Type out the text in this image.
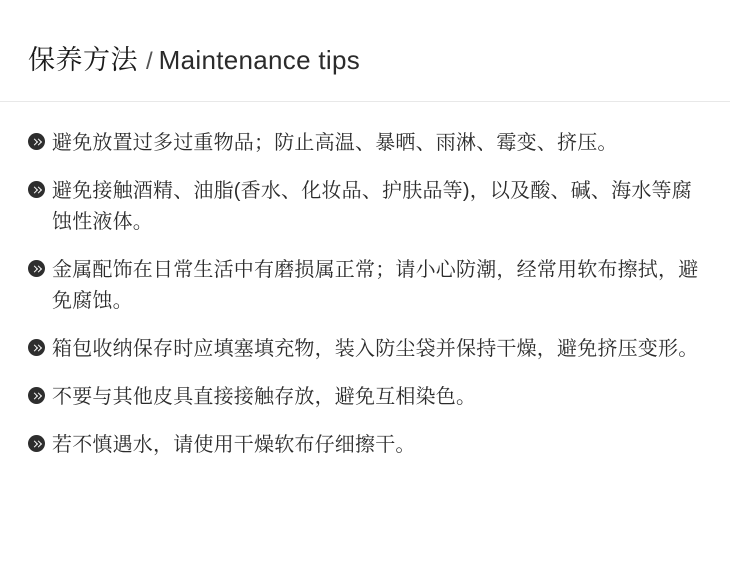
保养方法 / Maintenance tips
避免放置过多过重物品；防止高温、暴晒、雨淋、霉变、挤压。
避免接触酒精、油脂(香水、化妆品、护肤品等)，以及酸、碱、海水等腐蚀性液体。
金属配饰在日常生活中有磨损属正常；请小心防潮，经常用软布擦拭，避免腐蚀。
箱包收纳保存时应填塞填充物，装入防尘袋并保持干燥，避免挤压变形。
不要与其他皮具直接接触存放，避免互相染色。
若不慎遇水，请使用干燥软布仔细擦干。
